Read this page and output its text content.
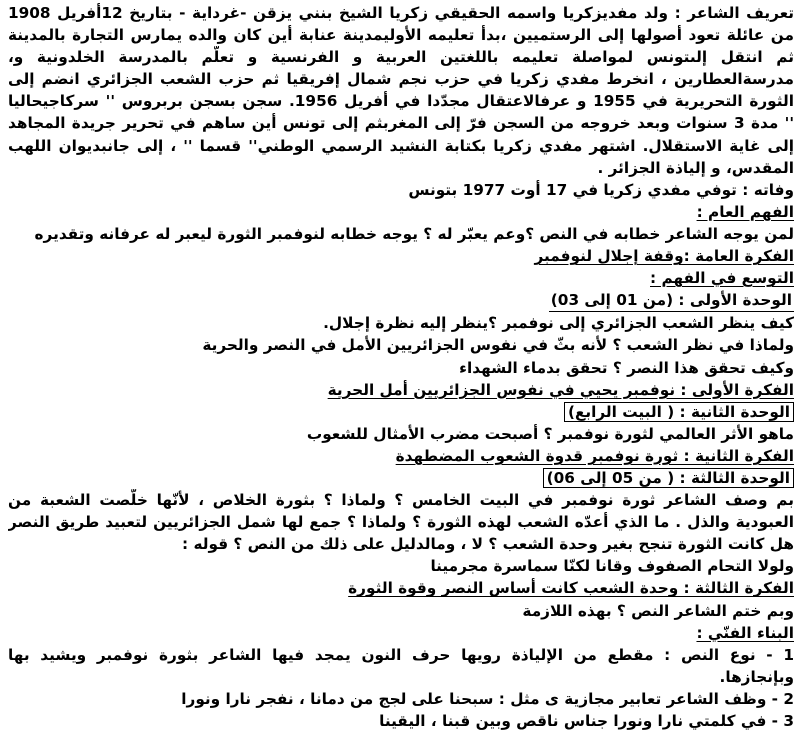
تعريف الشاعر : ولد مفديزكريا واسمه الحقيقي زكريا الشيخ بنني يزقن -غرداية - بتاريخ 12أفريل 1908
من عائلة تعود أصولها إلى الرستميين ،بدأ تعليمه الأوليمدينة عنابة أين كان والده يمارس التجارة بالمدينة
ثم انتقل إلىتونس لمواصلة تعليمه باللغتين العربية و الفرنسية و تعلّم بالمدرسة الخلدونية و،
مدرسةالعطارين ، انخرط مفدي زكريا في حزب نجم شمال إفريقيا ثم حزب الشعب الجزائري انضم إلى
الثورة التحريرية في 1955 و عرفالاعتقال مجدّدا في أفريل 1956. سجن بسجن بربروس '' سركاجيحاليا
'' مدة 3 سنوات وبعد خروجه من السجن فرّ إلى المغربثم إلى تونس أين ساهم في تحرير جريدة المجاهد
إلى غاية الاستقلال. اشتهر مفدي زكريا بكتابة النشيد الرسمي الوطني'' قسما '' ، إلى جانبديوان اللهب
المقدس، و إلياذة الجزائر .
وفاته : توفي مفدي زكريا في 17 أوت 1977 بتونس
الفهم العام :
لمن يوجه الشاعر خطابه في النص ؟وعم يعبّر له ؟ يوجه خطابه لنوفمبر الثورة ليعبر له عرفانه وتقديره
الفكرة العامة :وقفة إجلال لنوفمبر
التوسع في الفهم :
الوحدة الأولى : (من 01 إلى 03)
كيف ينظر الشعب الجزائري إلى نوفمبر ؟ينظر إليه نظرة إجلال.
ولماذا في نظر الشعب ؟ لأنه بثّ في نفوس الجزائريين الأمل في النصر والحرية
وكيف تحقق هذا النصر ؟ تحقق بدماء الشهداء
الفكرة الأولى : نوفمبر يحيي في نفوس الجزائريين أمل الحرية
الوحدة الثانية : ( البيت الرابع)
ماهو الأثر العالمي لثورة نوفمبر ؟ أصبحت مضرب الأمثال للشعوب
الفكرة الثانية : ثورة نوفمبر قدوة الشعوب المضطهدة
الوحدة الثالثة : ( من 05 إلى 06)
بم وصف الشاعر ثورة نوفمبر في البيت الخامس ؟ ولماذا ؟ بثورة الخلاص ، لأنّها خلّصت الشعبة من
العبودية والذل . ما الذي أعدّه الشعب لهذه الثورة ؟ ولماذا ؟ جمع لها شمل الجزائريين لتعبيد طريق النصر
هل كانت الثورة تنجح بغير وحدة الشعب ؟ لا ، ومالدليل على ذلك من النص ؟ قوله :
ولولا التحام الصفوف وقانا لكنّا سماسرة مجرمينا
الفكرة الثالثة : وحدة الشعب كانت أساس النصر وقوة الثورة
وبم ختم الشاعر النص ؟ بهذه اللازمة
البناء الفنّي :
1 - نوع النص : مقطع من الإلياذة رويها حرف النون يمجد فيها الشاعر بثورة نوفمبر ويشيد بها
وبإنجازها.
2 - وظف الشاعر تعابير مجازية ى مثل : سبحنا على لجج من دمانا ، نفجر نارا ونورا
3 - في كلمتي نارا ونورا جناس ناقص وبين قبنا ، اليقينا
